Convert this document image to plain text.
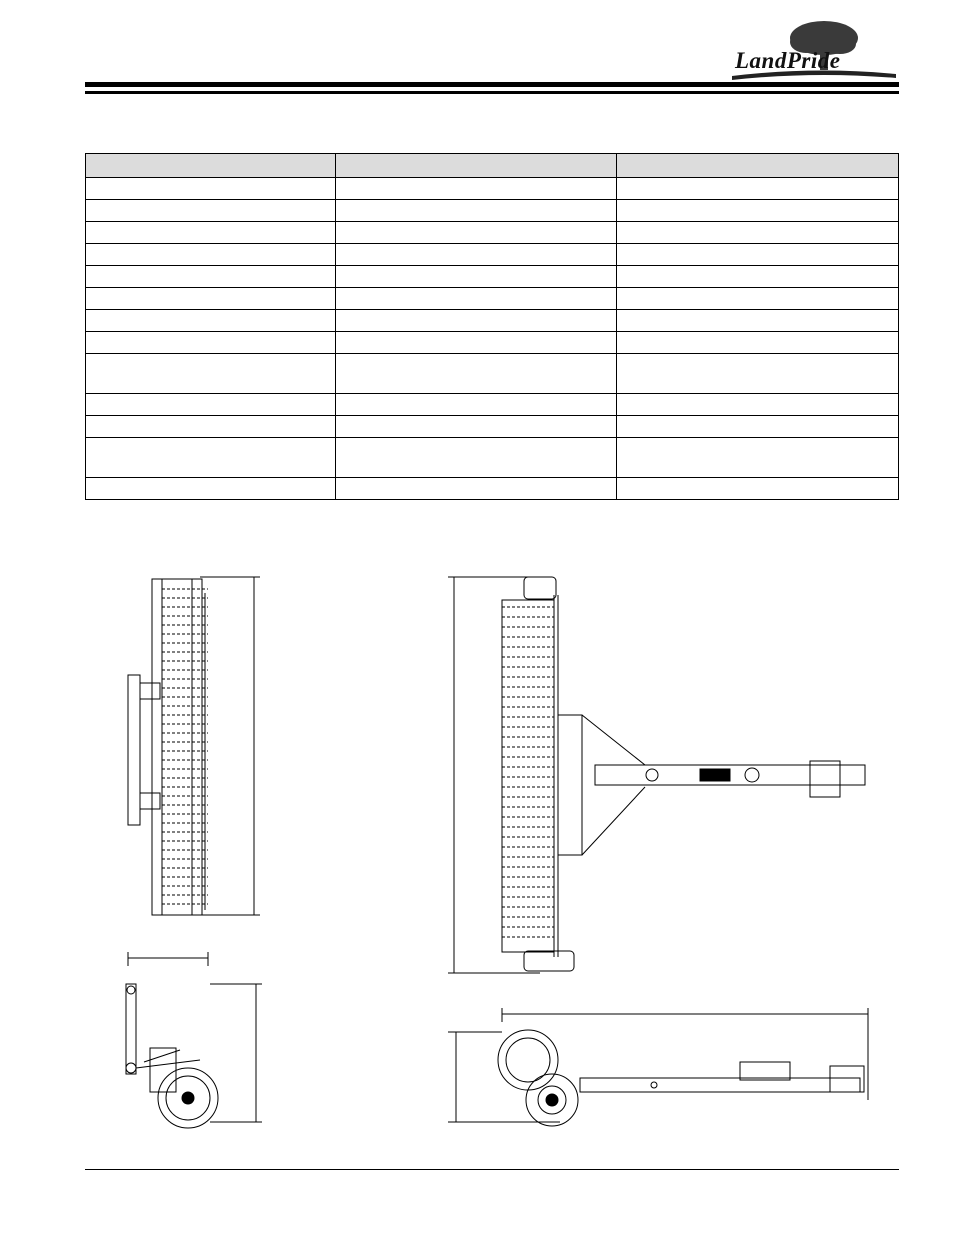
LandPride
